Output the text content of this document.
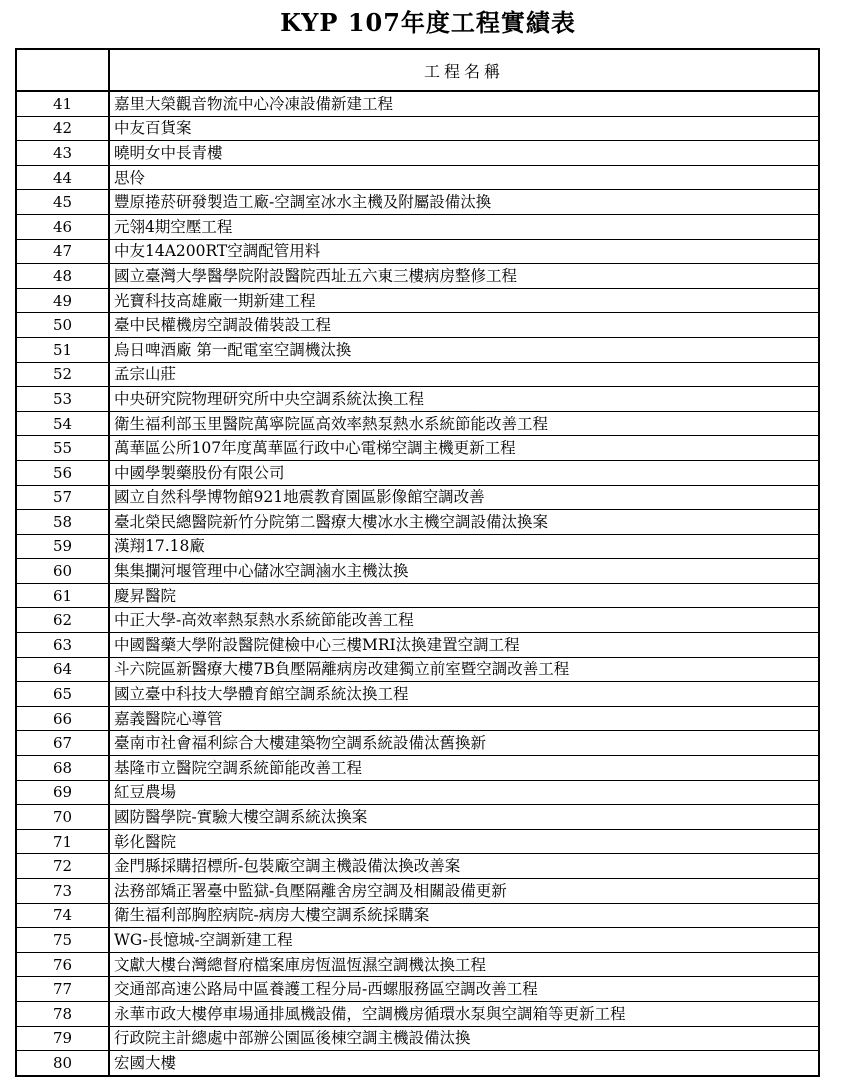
KYP 107年度工程實績表
	工程名稱
41	嘉里大榮觀音物流中心冷凍設備新建工程
42	中友百貨案
43	曉明女中長青樓
44	思伶
45	豐原捲菸研發製造工廠-空調室冰水主機及附屬設備汰換
46	元翎4期空壓工程
47	中友14A200RT空調配管用料
48	國立臺灣大學醫學院附設醫院西址五六東三樓病房整修工程
49	光寶科技高雄廠一期新建工程
50	臺中民權機房空調設備裝設工程
51	烏日啤酒廠 第一配電室空調機汰換
52	孟宗山莊
53	中央研究院物理研究所中央空調系統汰換工程
54	衛生福利部玉里醫院萬寧院區高效率熱泵熱水系統節能改善工程
55	萬華區公所107年度萬華區行政中心電梯空調主機更新工程
56	中國學製藥股份有限公司
57	國立自然科學博物館921地震教育園區影像館空調改善
58	臺北榮民總醫院新竹分院第二醫療大樓冰水主機空調設備汰換案
59	漢翔17.18廠
60	集集攔河堰管理中心儲冰空調滷水主機汰換
61	慶昇醫院
62	中正大學-高效率熱泵熱水系統節能改善工程
63	中國醫藥大學附設醫院健檢中心三樓MRI汰換建置空調工程
64	斗六院區新醫療大樓7B負壓隔離病房改建獨立前室暨空調改善工程
65	國立臺中科技大學體育館空調系統汰換工程
66	嘉義醫院心導管
67	臺南市社會福利綜合大樓建築物空調系統設備汰舊換新
68	基隆市立醫院空調系統節能改善工程
69	紅豆農場
70	國防醫學院-實驗大樓空調系統汰換案
71	彰化醫院
72	金門縣採購招標所-包裝廠空調主機設備汰換改善案
73	法務部矯正署臺中監獄-負壓隔離舍房空調及相關設備更新
74	衛生福利部胸腔病院-病房大樓空調系統採購案
75	WG-長憶城-空調新建工程
76	文獻大樓台灣總督府檔案庫房恆溫恆濕空調機汰換工程
77	交通部高速公路局中區養護工程分局-西螺服務區空調改善工程
78	永華市政大樓停車場通排風機設備，空調機房循環水泵與空調箱等更新工程
79	行政院主計總處中部辦公園區後棟空調主機設備汰換
80	宏國大樓
